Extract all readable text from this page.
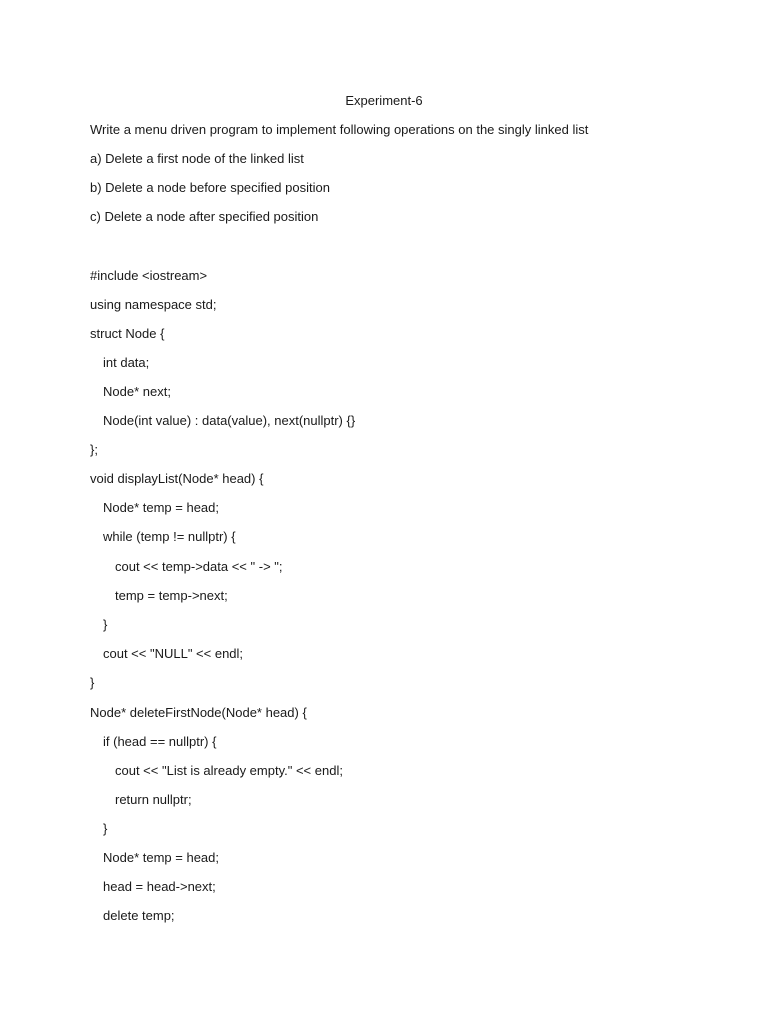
Experiment-6
Write a menu driven program to implement following operations on the singly linked list
a) Delete a first node of the linked list
b) Delete a node before specified position
c) Delete a node after specified position
#include <iostream>
using namespace std;
struct Node {
int data;
Node* next;
Node(int value) : data(value), next(nullptr) {}
};
void displayList(Node* head) {
Node* temp = head;
while (temp != nullptr) {
cout << temp->data << " -> ";
temp = temp->next;
}
cout << "NULL" << endl;
}
Node* deleteFirstNode(Node* head) {
if (head == nullptr) {
cout << "List is already empty." << endl;
return nullptr;
}
Node* temp = head;
head = head->next;
delete temp;
